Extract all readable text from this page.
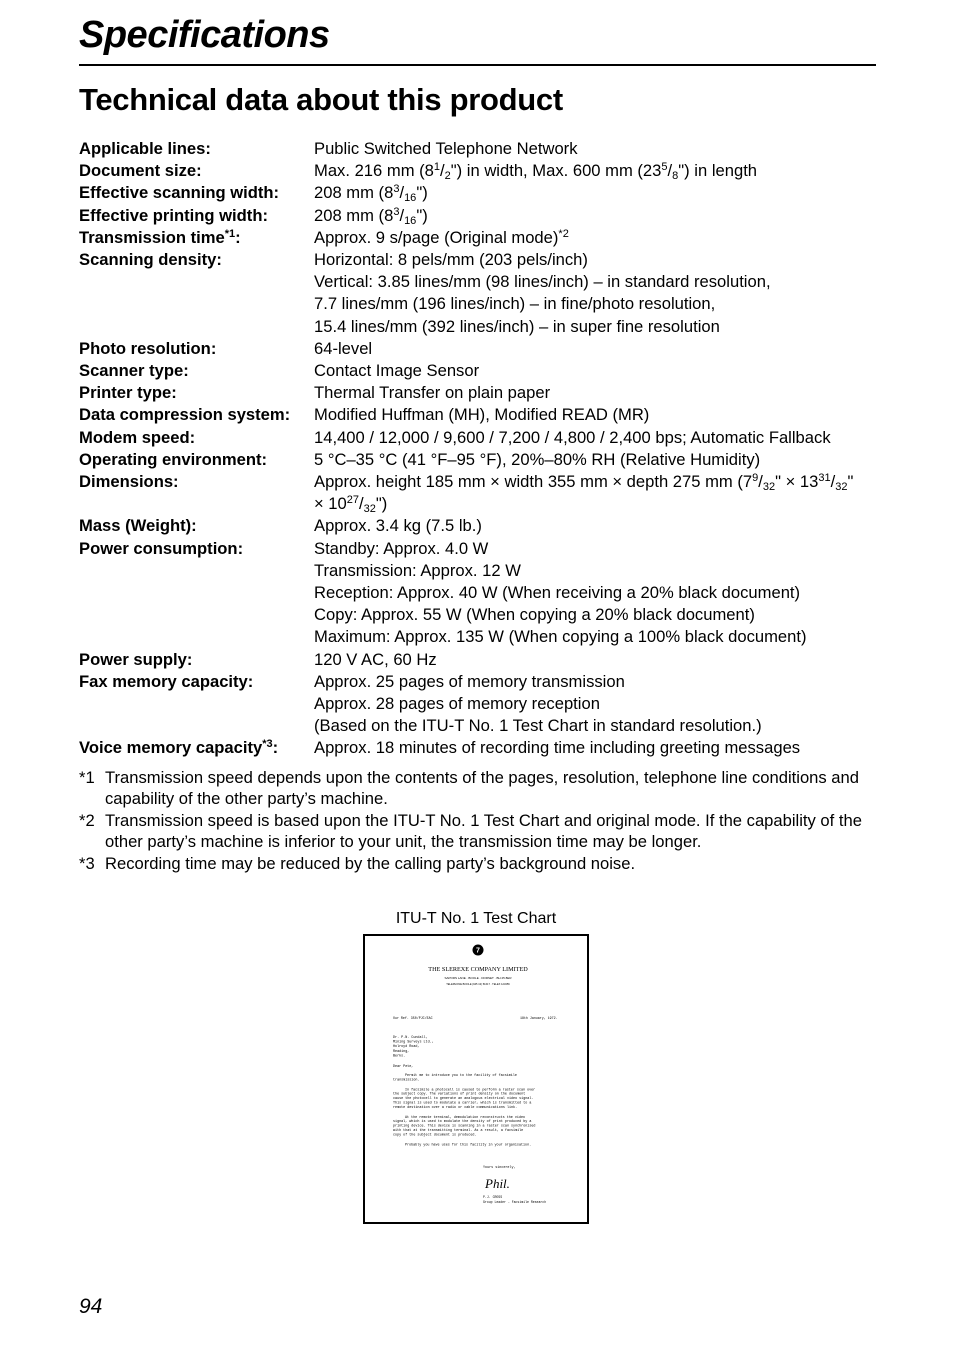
Specifications
Technical data about this product
Applicable lines:	Public Switched Telephone Network
Document size:	Max. 216 mm $(8^1/_2")$ in width, Max. 600 mm $(23^5/_8")$ in length
Effective scanning width:	208 mm $(8^3/_{16}")$
Effective printing width:	208 mm $(8^3/_{16}")$
Transmission time$^{*1}$:	Approx. 9 s/page (Original mode)$^{*2}$
Scanning density:	Horizontal: 8 pels/mm (203 pels/inch)
Vertical: 3.85 lines/mm (98 lines/inch) – in standard resolution,
7.7 lines/mm (196 lines/inch) – in fine/photo resolution,
15.4 lines/mm (392 lines/inch) – in super fine resolution
Photo resolution:	64-level
Scanner type:	Contact Image Sensor
Printer type:	Thermal Transfer on plain paper
Data compression system:	Modified Huffman (MH), Modified READ (MR)
Modem speed:	14,400 / 12,000 / 9,600 / 7,200 / 4,800 / 2,400 bps; Automatic Fallback
Operating environment:	5 °C–35 °C (41 °F–95 °F), 20%–80% RH (Relative Humidity)
Dimensions:	Approx. height 185 mm × width 355 mm × depth 275 mm ($7^9/_{32}$" × $13^{31}/_{32}$"
× $10^{27}/_{32}$")
Mass (Weight):	Approx. 3.4 kg (7.5 lb.)
Power consumption:	Standby: Approx. 4.0 W
Transmission: Approx. 12 W
Reception: Approx. 40 W (When receiving a 20% black document)
Copy: Approx. 55 W (When copying a 20% black document)
Maximum: Approx. 135 W (When copying a 100% black document)
Power supply:	120 V AC, 60 Hz
Fax memory capacity:	Approx. 25 pages of memory transmission
Approx. 28 pages of memory reception
(Based on the ITU-T No. 1 Test Chart in standard resolution.)
Voice memory capacity$^{*3}$:	Approx. 18 minutes of recording time including greeting messages
*1 Transmission speed depends upon the contents of the pages, resolution, telephone line conditions and capability of the other party’s machine.
*2 Transmission speed is based upon the ITU-T No. 1 Test Chart and original mode. If the capability of the other party’s machine is inferior to your unit, the transmission time may be longer.
*3 Recording time may be reduced by the calling party’s background noise.
ITU-T No. 1 Test Chart
7
THE SLEREXE COMPANY LIMITED
SAPORS LANE · BOOLE · DORSET · BH 25 8ER
TELEPHONE BOOLE (945 13) 51617 · TELEX 123456
Our Ref. 350/PJC/EAC	18th January, 1972.
Dr. P.N. Cundall,
Mining Surveys Ltd.,
Holroyd Road,
Reading,
Berks.
Dear Pete,
Permit me to introduce you to the facility of facsimile
transmission.
In facsimile a photocell is caused to perform a raster scan over
the subject copy. The variations of print density on the document
cause the photocell to generate an analogous electrical video signal.
This signal is used to modulate a carrier, which is transmitted to a
remote destination over a radio or cable communications link.
At the remote terminal, demodulation reconstructs the video
signal, which is used to modulate the density of print produced by a
printing device. This device is scanning in a raster scan synchronised
with that at the transmitting terminal. As a result, a facsimile
copy of the subject document is produced.
Probably you have uses for this facility in your organisation.
Yours sincerely,
Phil.
P.J. CROSS
Group Leader - Facsimile Research
94
